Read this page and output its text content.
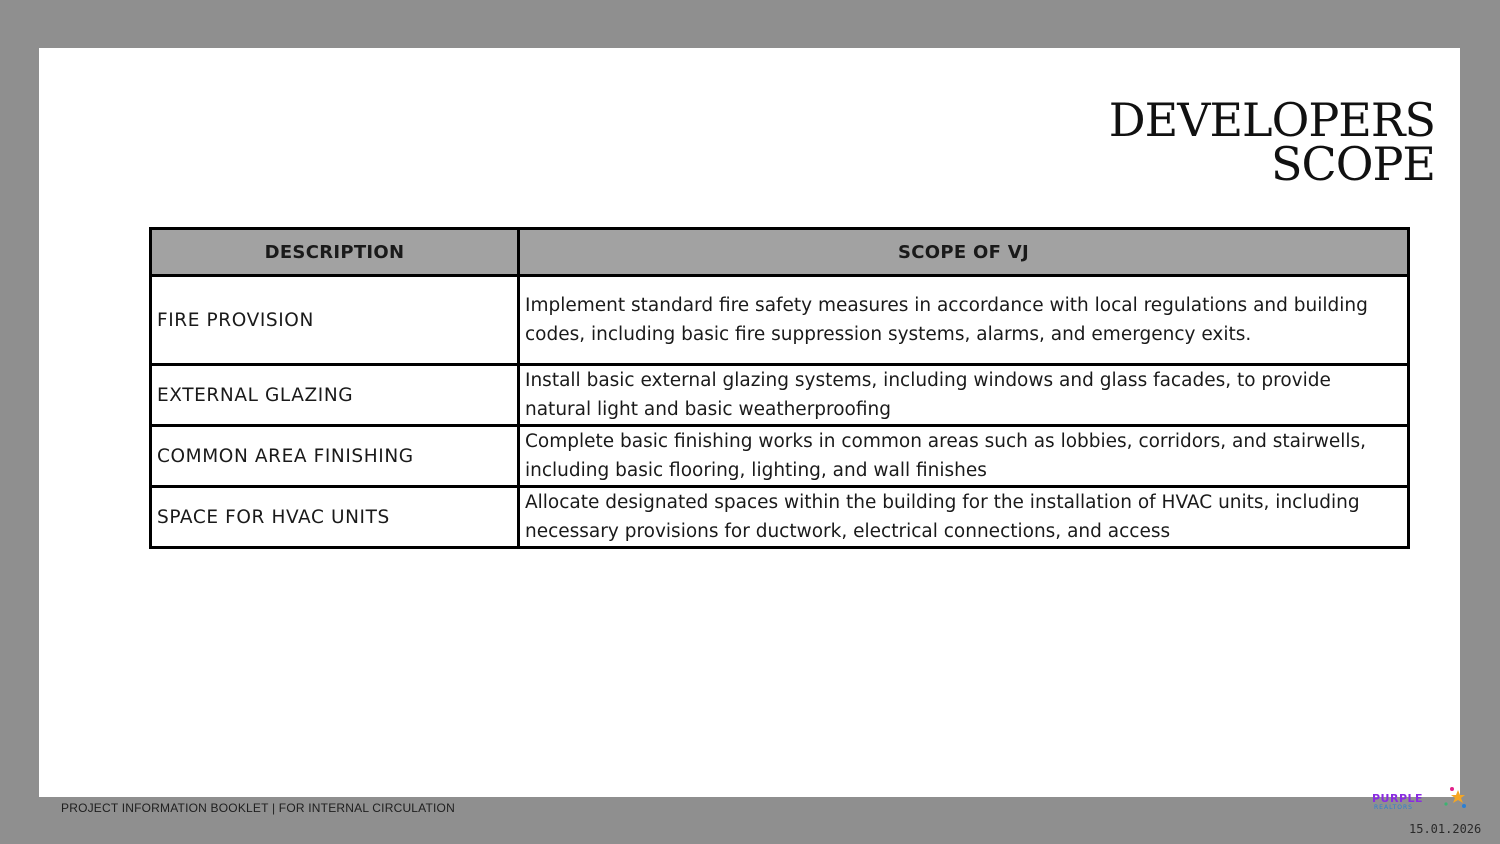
DEVELOPERS
SCOPE
DESCRIPTION	SCOPE OF VJ
FIRE PROVISION	Implement standard fire safety measures in accordance with local regulations and building codes, including basic fire suppression systems, alarms, and emergency exits.
EXTERNAL GLAZING	Install basic external glazing systems, including windows and glass facades, to provide natural light and basic weatherproofing
COMMON AREA FINISHING	Complete basic finishing works in common areas such as lobbies, corridors, and stairwells, including basic flooring, lighting, and wall finishes
SPACE FOR HVAC UNITS	Allocate designated spaces within the building for the installation of HVAC units, including necessary provisions for ductwork, electrical connections, and access
PROJECT INFORMATION BOOKLET | FOR INTERNAL CIRCULATION
PURPLE
REALTORS
15.01.2026
